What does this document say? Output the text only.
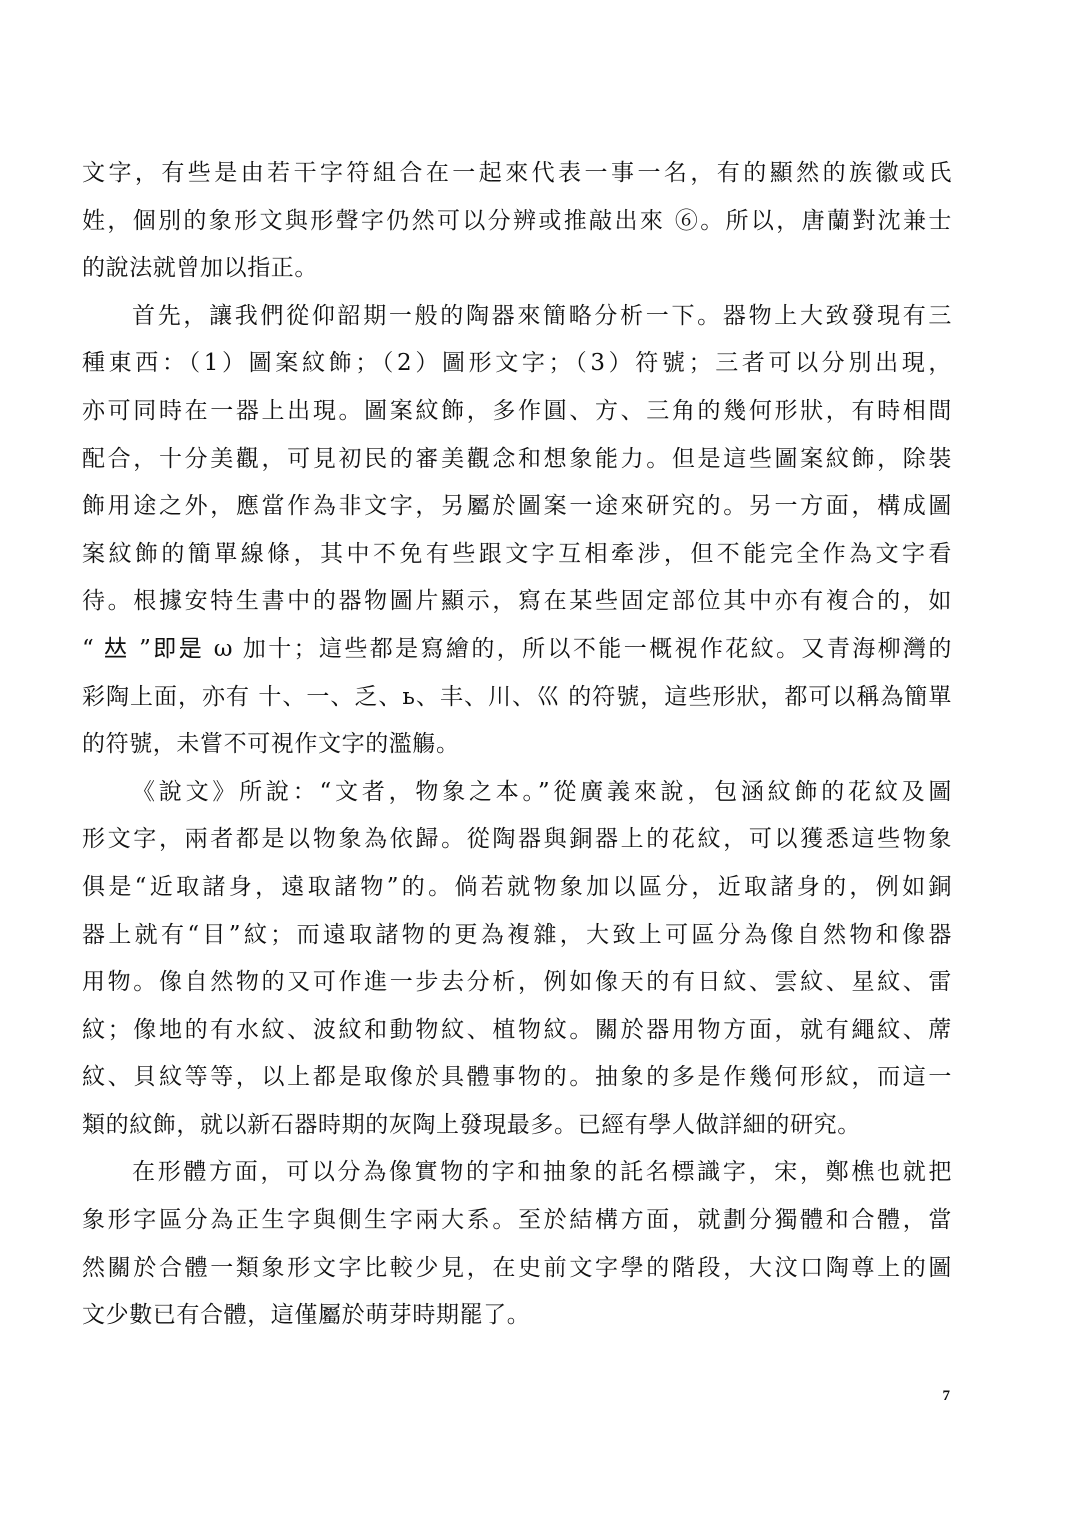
文字，有些是由若干字符組合在一起來代表一事一名，有的顯然的族徽或氏
姓，個別的象形文與形聲字仍然可以分辨或推敲出來 ⑥。所以，唐蘭對沈兼士
的說法就曾加以指正。
首先，讓我們從仰韶期一般的陶器來簡略分析一下。器物上大致發現有三
種東西：（1）圖案紋飾；（2）圖形文字；（3）符號；三者可以分別出現，
亦可同時在一器上出現。圖案紋飾，多作圓、方、三角的幾何形狀，有時相間
配合，十分美觀，可見初民的審美觀念和想象能力。但是這些圖案紋飾，除裝
飾用途之外，應當作為非文字，另屬於圖案一途來研究的。另一方面，構成圖
案紋飾的簡單線條，其中不免有些跟文字互相牽涉，但不能完全作為文字看
待。根據安特生書中的器物圖片顯示，寫在某些固定部位其中亦有複合的，如
“ 𠀤 ”即是 ω 加十；這些都是寫繪的，所以不能一概視作花紋。又青海柳灣的
彩陶上面，亦有 十、一、乏、ь、丰、川、巛 的符號，這些形狀，都可以稱為簡單
的符號，未嘗不可視作文字的濫觴。
《說文》所說：“文者，物象之本。”從廣義來說，包涵紋飾的花紋及圖
形文字，兩者都是以物象為依歸。從陶器與銅器上的花紋，可以獲悉這些物象
俱是“近取諸身，遠取諸物”的。倘若就物象加以區分，近取諸身的，例如銅
器上就有“目”紋；而遠取諸物的更為複雜，大致上可區分為像自然物和像器
用物。像自然物的又可作進一步去分析，例如像天的有日紋、雲紋、星紋、雷
紋；像地的有水紋、波紋和動物紋、植物紋。關於器用物方面，就有繩紋、蓆
紋、貝紋等等，以上都是取像於具體事物的。抽象的多是作幾何形紋，而這一
類的紋飾，就以新石器時期的灰陶上發現最多。已經有學人做詳細的研究。
在形體方面，可以分為像實物的字和抽象的託名標識字，宋，鄭樵也就把
象形字區分為正生字與側生字兩大系。至於結構方面，就劃分獨體和合體，當
然關於合體一類象形文字比較少見，在史前文字學的階段，大汶口陶尊上的圖
文少數已有合體，這僅屬於萌芽時期罷了。
7
